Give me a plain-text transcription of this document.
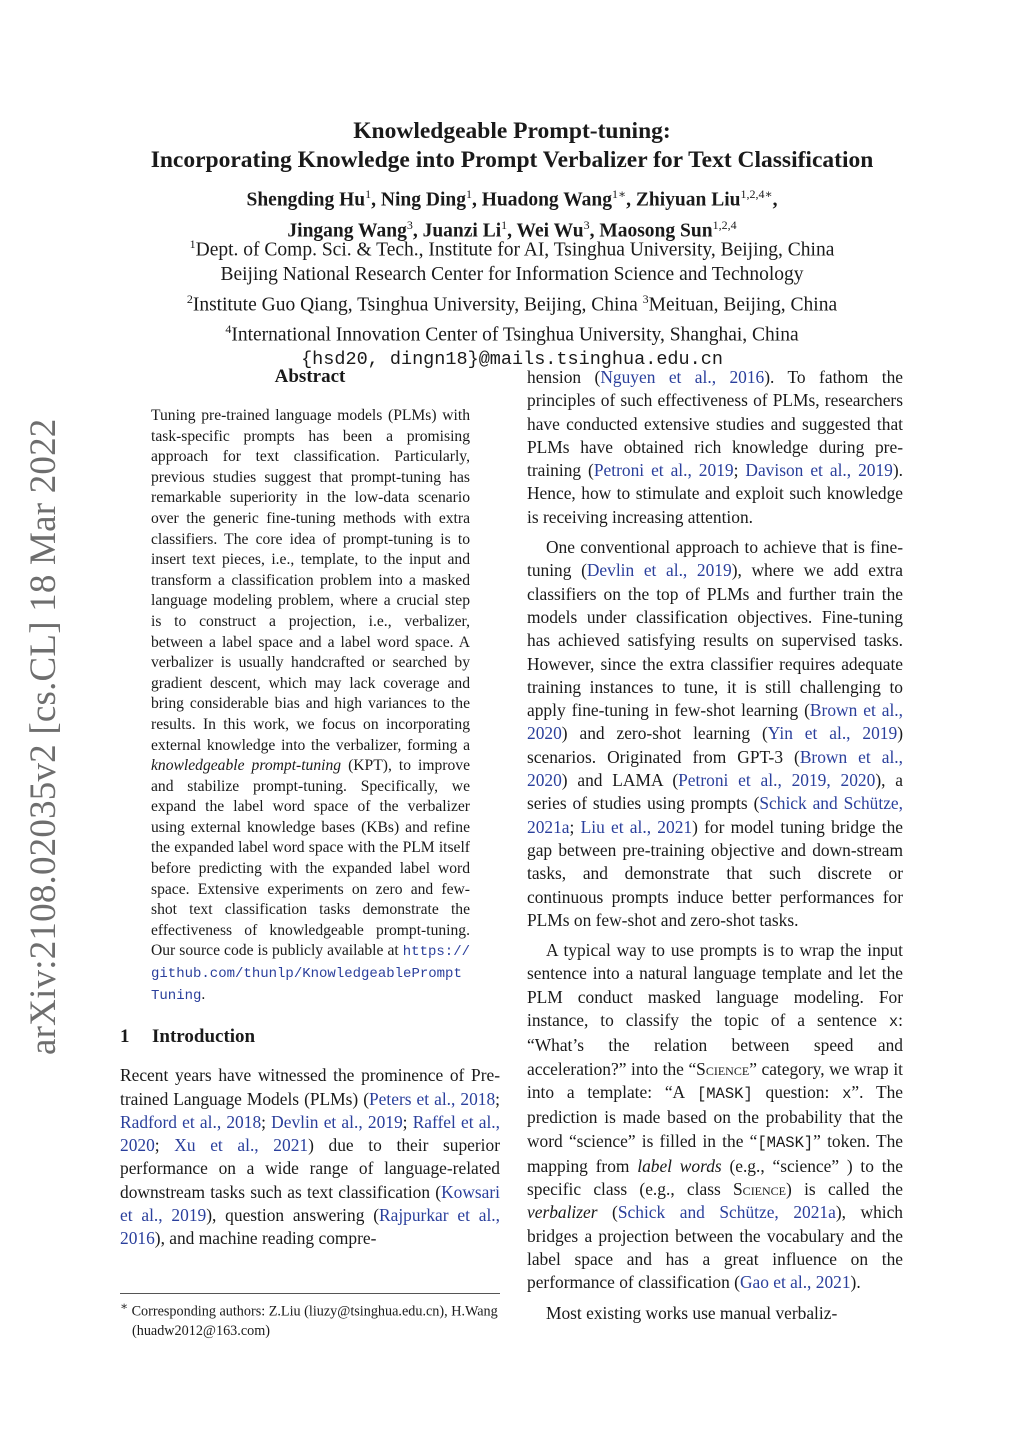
arXiv:2108.02035v2 [cs.CL] 18 Mar 2022
Knowledgeable Prompt-tuning:
Incorporating Knowledge into Prompt Verbalizer for Text Classification
Shengding Hu$^1$, Ning Ding$^1$, Huadong Wang$^{1∗}$, Zhiyuan Liu$^{1,2,4∗}$,
Jingang Wang$^3$, Juanzi Li$^1$, Wei Wu$^3$, Maosong Sun$^{1,2,4}$
$^1$Dept. of Comp. Sci. & Tech., Institute for AI, Tsinghua University, Beijing, China
Beijing National Research Center for Information Science and Technology
$^2$Institute Guo Qiang, Tsinghua University, Beijing, China $^3$Meituan, Beijing, China
$^4$International Innovation Center of Tsinghua University, Shanghai, China
{hsd20, dingn18}@mails.tsinghua.edu.cn
Abstract
Tuning pre-trained language models (PLMs) with task-specific prompts has been a promising approach for text classification. Particularly, previous studies suggest that prompt-tuning has remarkable superiority in the low-data scenario over the generic fine-tuning methods with extra classifiers. The core idea of prompt-tuning is to insert text pieces, i.e., template, to the input and transform a classification problem into a masked language modeling problem, where a crucial step is to construct a projection, i.e., verbalizer, between a label space and a label word space. A verbalizer is usually handcrafted or searched by gradient descent, which may lack coverage and bring considerable bias and high variances to the results. In this work, we focus on incorporating external knowledge into the verbalizer, forming a knowledgeable prompt-tuning (KPT), to improve and stabilize prompt-tuning. Specifically, we expand the label word space of the verbalizer using external knowledge bases (KBs) and refine the expanded label word space with the PLM itself before predicting with the expanded label word space. Extensive experiments on zero and few-shot text classification tasks demonstrate the effectiveness of knowledgeable prompt-tuning. Our source code is publicly available at https://github.com/thunlp/KnowledgeablePromptTuning.
1 Introduction
Recent years have witnessed the prominence of Pre-trained Language Models (PLMs) (Peters et al., 2018; Radford et al., 2018; Devlin et al., 2019; Raffel et al., 2020; Xu et al., 2021) due to their superior performance on a wide range of language-related downstream tasks such as text classification (Kowsari et al., 2019), question answering (Rajpurkar et al., 2016), and machine reading compre-
∗ Corresponding authors: Z.Liu (liuzy@tsinghua.edu.cn), H.Wang (huadw2012@163.com)

hension (Nguyen et al., 2016). To fathom the principles of such effectiveness of PLMs, researchers have conducted extensive studies and suggested that PLMs have obtained rich knowledge during pre-training (Petroni et al., 2019; Davison et al., 2019). Hence, how to stimulate and exploit such knowledge is receiving increasing attention.

One conventional approach to achieve that is fine-tuning (Devlin et al., 2019), where we add extra classifiers on the top of PLMs and further train the models under classification objectives. Fine-tuning has achieved satisfying results on supervised tasks. However, since the extra classifier requires adequate training instances to tune, it is still challenging to apply fine-tuning in few-shot learning (Brown et al., 2020) and zero-shot learning (Yin et al., 2019) scenarios. Originated from GPT-3 (Brown et al., 2020) and LAMA (Petroni et al., 2019, 2020), a series of studies using prompts (Schick and Schütze, 2021a; Liu et al., 2021) for model tuning bridge the gap between pre-training objective and down-stream tasks, and demonstrate that such discrete or continuous prompts induce better performances for PLMs on few-shot and zero-shot tasks.

A typical way to use prompts is to wrap the input sentence into a natural language template and let the PLM conduct masked language modeling. For instance, to classify the topic of a sentence x: “What’s the relation between speed and acceleration?” into the “Science” category, we wrap it into a template: “A [MASK] question: x”. The prediction is made based on the probability that the word “science” is filled in the “[MASK]” token. The mapping from label words (e.g., “science” ) to the specific class (e.g., class Science) is called the verbalizer (Schick and Schütze, 2021a), which bridges a projection between the vocabulary and the label space and has a great influence on the performance of classification (Gao et al., 2021).

Most existing works use manual verbaliz-
